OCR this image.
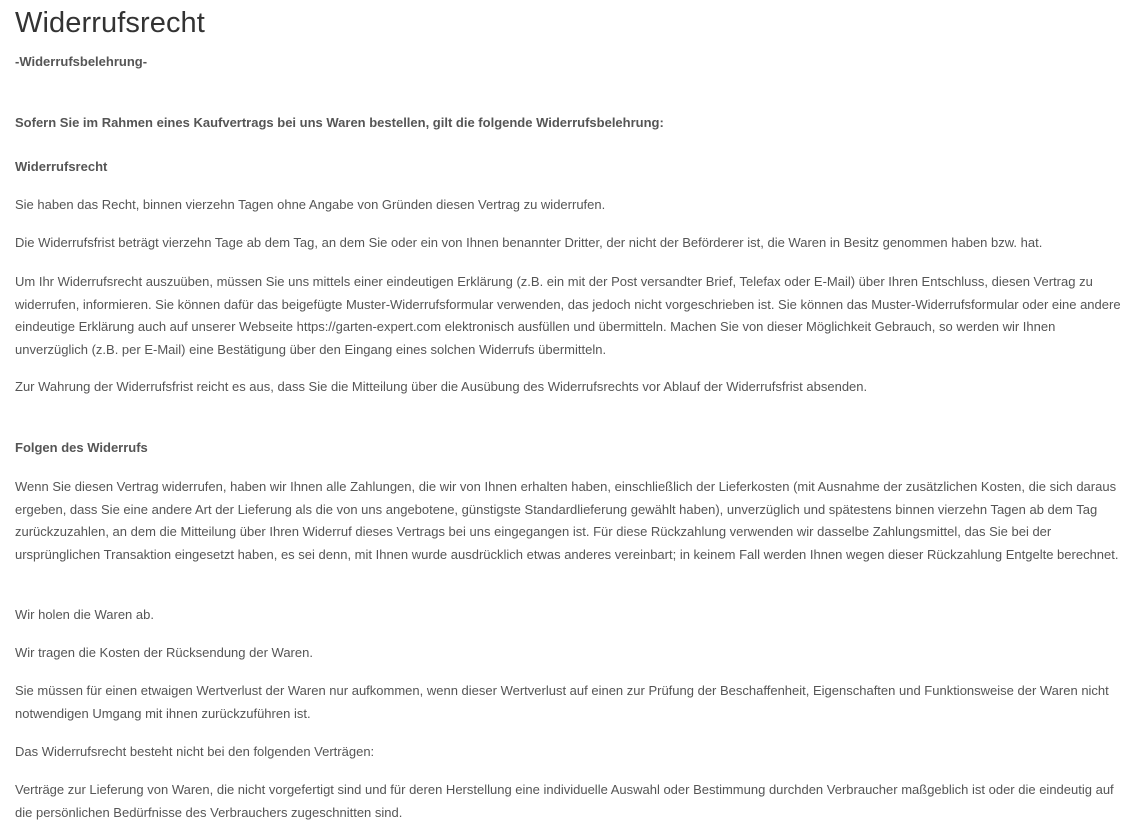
Widerrufsrecht
-Widerrufsbelehrung-
Sofern Sie im Rahmen eines Kaufvertrags bei uns Waren bestellen, gilt die folgende Widerrufsbelehrung:
Widerrufsrecht
Sie haben das Recht, binnen vierzehn Tagen ohne Angabe von Gründen diesen Vertrag zu widerrufen.
Die Widerrufsfrist beträgt vierzehn Tage ab dem Tag, an dem Sie oder ein von Ihnen benannter Dritter, der nicht der Beförderer ist, die Waren in Besitz genommen haben bzw. hat.
Um Ihr Widerrufsrecht auszuüben, müssen Sie uns mittels einer eindeutigen Erklärung (z.B. ein mit der Post versandter Brief, Telefax oder E-Mail) über Ihren Entschluss, diesen Vertrag zu widerrufen, informieren. Sie können dafür das beigefügte Muster-Widerrufsformular verwenden, das jedoch nicht vorgeschrieben ist. Sie können das Muster-Widerrufsformular oder eine andere eindeutige Erklärung auch auf unserer Webseite https://garten-expert.com elektronisch ausfüllen und übermitteln. Machen Sie von dieser Möglichkeit Gebrauch, so werden wir Ihnen unverzüglich (z.B. per E-Mail) eine Bestätigung über den Eingang eines solchen Widerrufs übermitteln.
Zur Wahrung der Widerrufsfrist reicht es aus, dass Sie die Mitteilung über die Ausübung des Widerrufsrechts vor Ablauf der Widerrufsfrist absenden.
Folgen des Widerrufs
Wenn Sie diesen Vertrag widerrufen, haben wir Ihnen alle Zahlungen, die wir von Ihnen erhalten haben, einschließlich der Lieferkosten (mit Ausnahme der zusätzlichen Kosten, die sich daraus ergeben, dass Sie eine andere Art der Lieferung als die von uns angebotene, günstigste Standardlieferung gewählt haben), unverzüglich und spätestens binnen vierzehn Tagen ab dem Tag zurückzuzahlen, an dem die Mitteilung über Ihren Widerruf dieses Vertrags bei uns eingegangen ist. Für diese Rückzahlung verwenden wir dasselbe Zahlungsmittel, das Sie bei der ursprünglichen Transaktion eingesetzt haben, es sei denn, mit Ihnen wurde ausdrücklich etwas anderes vereinbart; in keinem Fall werden Ihnen wegen dieser Rückzahlung Entgelte berechnet.
Wir holen die Waren ab.
Wir tragen die Kosten der Rücksendung der Waren.
Sie müssen für einen etwaigen Wertverlust der Waren nur aufkommen, wenn dieser Wertverlust auf einen zur Prüfung der Beschaffenheit, Eigenschaften und Funktionsweise der Waren nicht notwendigen Umgang mit ihnen zurückzuführen ist.
Das Widerrufsrecht besteht nicht bei den folgenden Verträgen:
Verträge zur Lieferung von Waren, die nicht vorgefertigt sind und für deren Herstellung eine individuelle Auswahl oder Bestimmung durchden Verbraucher maßgeblich ist oder die eindeutig auf die persönlichen Bedürfnisse des Verbrauchers zugeschnitten sind.
